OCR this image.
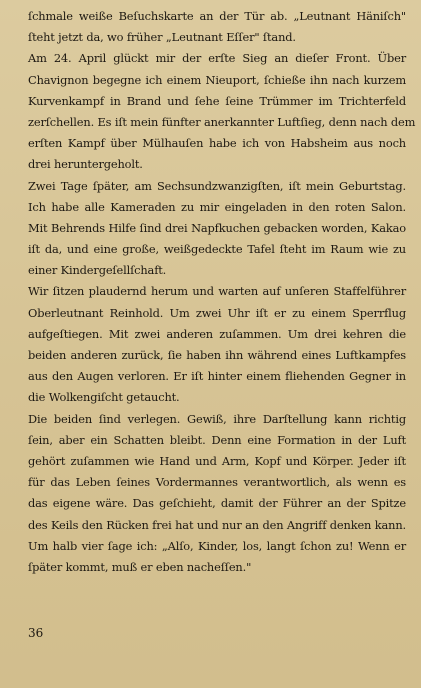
ſchmale weiße Beſuchskarte an der Tür ab. „Leutnant Häniſch"
ſteht jetzt da, wo früher „Leutnant Eſſer" ſtand.
Am 24. April glückt mir der erſte Sieg an dieſer Front. Über
Chavignon begegne ich einem Nieuport, ſchieße ihn nach kurzem
Kurvenkampf in Brand und ſehe ſeine Trümmer im Trichterfeld
zerſchellen. Es iſt mein fünfter anerkannter Luftſieg, denn nach dem
erſten Kampf über Mülhauſen habe ich von Habsheim aus noch
drei heruntergeholt.
Zwei Tage ſpäter, am Sechsundzwanzigſten, iſt mein Geburtstag.
Ich habe alle Kameraden zu mir eingeladen in den roten Salon.
Mit Behrends Hilfe ſind drei Napfkuchen gebacken worden, Kakao
iſt da, und eine große, weißgedeckte Tafel ſteht im Raum wie zu
einer Kindergeſellſchaft.
Wir ſitzen plaudernd herum und warten auf unſeren Staffelführer
Oberleutnant Reinhold. Um zwei Uhr iſt er zu einem Sperrflug
aufgeſtiegen. Mit zwei anderen zuſammen. Um drei kehren die
beiden anderen zurück, ſie haben ihn während eines Luftkampfes
aus den Augen verloren. Er iſt hinter einem fliehenden Gegner in
die Wolkengiſcht getaucht.
Die beiden ſind verlegen. Gewiß, ihre Darſtellung kann richtig
ſein, aber ein Schatten bleibt. Denn eine Formation in der Luft
gehört zuſammen wie Hand und Arm, Kopf und Körper. Jeder iſt
für das Leben ſeines Vordermannes verantwortlich, als wenn es
das eigene wäre. Das geſchieht, damit der Führer an der Spitze
des Keils den Rücken frei hat und nur an den Angriff denken kann.
Um halb vier ſage ich: „Alſo, Kinder, los, langt ſchon zu! Wenn er
ſpäter kommt, muß er eben nacheſſen."
36
